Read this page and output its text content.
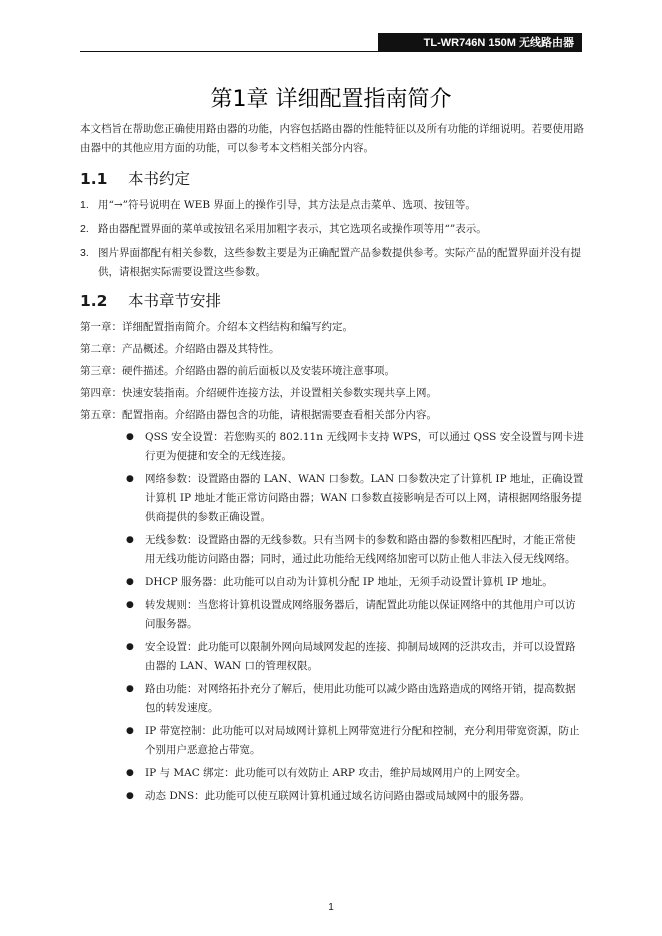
TL-WR746N 150M 无线路由器
第1章 详细配置指南简介

本文档旨在帮助您正确使用路由器的功能，内容包括路由器的性能特征以及所有功能的详细说明。若要使用路由器中的其他应用方面的功能，可以参考本文档相关部分内容。

1.1	本书约定
1. 用“→”符号说明在 WEB 界面上的操作引导，其方法是点击菜单、选项、按钮等。
2. 路由器配置界面的菜单或按钮名采用加粗字表示，其它选项名或操作项等用“”表示。
3. 图片界面都配有相关参数，这些参数主要是为正确配置产品参数提供参考。实际产品的配置界面并没有提供，请根据实际需要设置这些参数。
1.2	本书章节安排

第一章：详细配置指南简介。介绍本文档结构和编写约定。

第二章：产品概述。介绍路由器及其特性。

第三章：硬件描述。介绍路由器的前后面板以及安装环境注意事项。

第四章：快速安装指南。介绍硬件连接方法，并设置相关参数实现共享上网。

第五章：配置指南。介绍路由器包含的功能，请根据需要查看相关部分内容。

●	QSS 安全设置：若您购买的 802.11n 无线网卡支持 WPS，可以通过 QSS 安全设置与网卡进行更为便捷和安全的无线连接。
●	网络参数：设置路由器的 LAN、WAN 口参数。LAN 口参数决定了计算机 IP 地址，正确设置计算机 IP 地址才能正常访问路由器；WAN 口参数直接影响是否可以上网，请根据网络服务提供商提供的参数正确设置。
●	无线参数：设置路由器的无线参数。只有当网卡的参数和路由器的参数相匹配时，才能正常使用无线功能访问路由器；同时，通过此功能给无线网络加密可以防止他人非法入侵无线网络。
●	DHCP 服务器：此功能可以自动为计算机分配 IP 地址，无须手动设置计算机 IP 地址。
●	转发规则：当您将计算机设置成网络服务器后，请配置此功能以保证网络中的其他用户可以访问服务器。
●	安全设置：此功能可以限制外网向局域网发起的连接、抑制局域网的泛洪攻击，并可以设置路由器的 LAN、WAN 口的管理权限。
●	路由功能：对网络拓扑充分了解后，使用此功能可以减少路由选路造成的网络开销，提高数据包的转发速度。
●	IP 带宽控制：此功能可以对局域网计算机上网带宽进行分配和控制，充分利用带宽资源，防止个别用户恶意抢占带宽。
●	IP 与 MAC 绑定：此功能可以有效防止 ARP 攻击，维护局域网用户的上网安全。
●	动态 DNS：此功能可以使互联网计算机通过域名访问路由器或局域网中的服务器。
1
